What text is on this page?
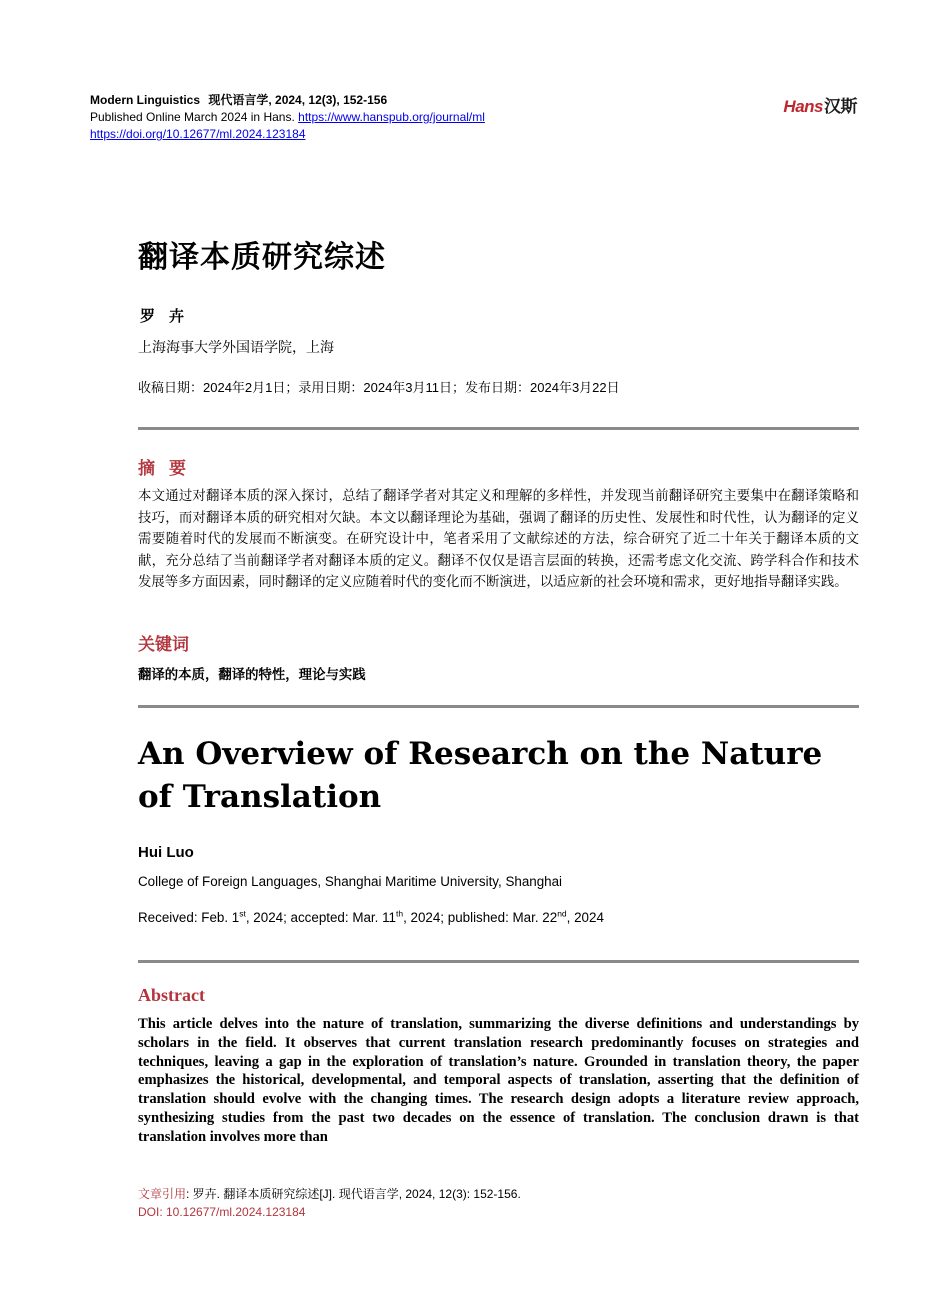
Modern Linguistics 现代语言学, 2024, 12(3), 152-156
Published Online March 2024 in Hans. https://www.hanspub.org/journal/ml
https://doi.org/10.12677/ml.2024.123184
Hans汉斯
翻译本质研究综述
罗卉
上海海事大学外国语学院，上海
收稿日期：2024年2月1日；录用日期：2024年3月11日；发布日期：2024年3月22日
摘要
本文通过对翻译本质的深入探讨，总结了翻译学者对其定义和理解的多样性，并发现当前翻译研究主要集中在翻译策略和技巧，而对翻译本质的研究相对欠缺。本文以翻译理论为基础，强调了翻译的历史性、发展性和时代性，认为翻译的定义需要随着时代的发展而不断演变。在研究设计中，笔者采用了文献综述的方法，综合研究了近二十年关于翻译本质的文献，充分总结了当前翻译学者对翻译本质的定义。翻译不仅仅是语言层面的转换，还需考虑文化交流、跨学科合作和技术发展等多方面因素，同时翻译的定义应随着时代的变化而不断演进，以适应新的社会环境和需求，更好地指导翻译实践。
关键词
翻译的本质，翻译的特性，理论与实践
An Overview of Research on the Nature of Translation
Hui Luo
College of Foreign Languages, Shanghai Maritime University, Shanghai
Received: Feb. 1st, 2024; accepted: Mar. 11th, 2024; published: Mar. 22nd, 2024
Abstract
This article delves into the nature of translation, summarizing the diverse definitions and understandings by scholars in the field. It observes that current translation research predominantly focuses on strategies and techniques, leaving a gap in the exploration of translation’s nature. Grounded in translation theory, the paper emphasizes the historical, developmental, and temporal aspects of translation, asserting that the definition of translation should evolve with the changing times. The research design adopts a literature review approach, synthesizing studies from the past two decades on the essence of translation. The conclusion drawn is that translation involves more than
文章引用: 罗卉. 翻译本质研究综述[J]. 现代语言学, 2024, 12(3): 152-156.
DOI: 10.12677/ml.2024.123184
